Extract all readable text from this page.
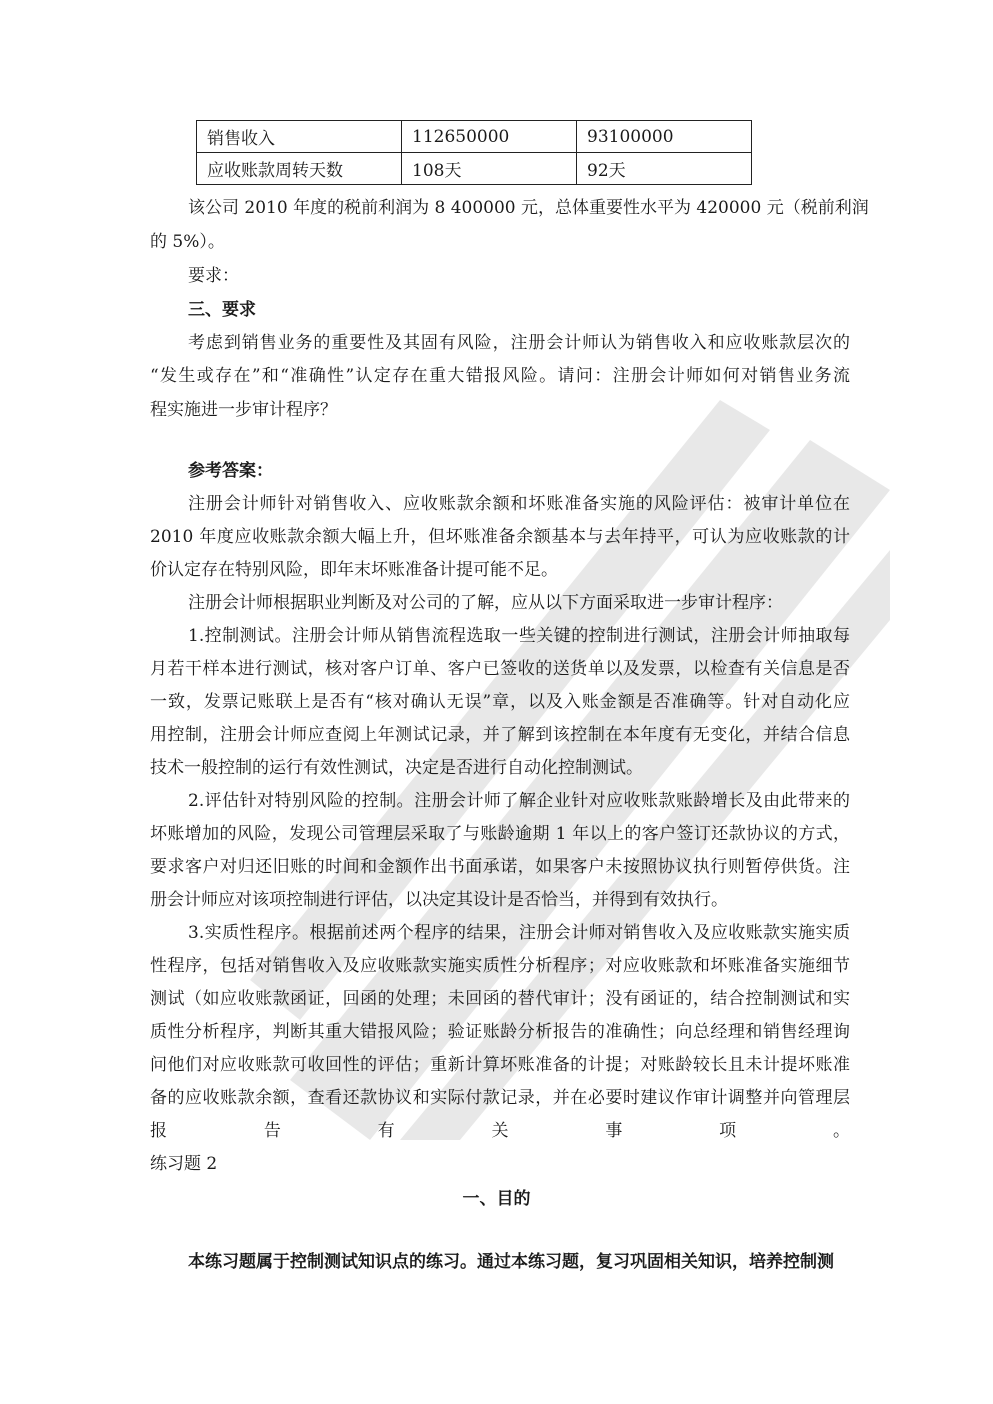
销售收入	112650000	93100000
应收账款周转天数	108天	92天
该公司 2010 年度的税前利润为 8 400000 元，总体重要性水平为 420000 元（税前利润
的 5%）。
要求：
三、要求
考虑到销售业务的重要性及其固有风险，注册会计师认为销售收入和应收账款层次的
“发生或存在”和“准确性”认定存在重大错报风险。请问：注册会计师如何对销售业务流
程实施进一步审计程序？
参考答案：
注册会计师针对销售收入、应收账款余额和坏账准备实施的风险评估：被审计单位在
2010 年度应收账款余额大幅上升，但坏账准备余额基本与去年持平，可认为应收账款的计
价认定存在特别风险，即年末坏账准备计提可能不足。
注册会计师根据职业判断及对公司的了解，应从以下方面采取进一步审计程序：
1.控制测试。注册会计师从销售流程选取一些关键的控制进行测试，注册会计师抽取每
月若干样本进行测试，核对客户订单、客户已签收的送货单以及发票，以检查有关信息是否
一致，发票记账联上是否有“核对确认无误”章，以及入账金额是否准确等。针对自动化应
用控制，注册会计师应查阅上年测试记录，并了解到该控制在本年度有无变化，并结合信息
技术一般控制的运行有效性测试，决定是否进行自动化控制测试。
2.评估针对特别风险的控制。注册会计师了解企业针对应收账款账龄增长及由此带来的
坏账增加的风险，发现公司管理层采取了与账龄逾期 1 年以上的客户签订还款协议的方式，
要求客户对归还旧账的时间和金额作出书面承诺，如果客户未按照协议执行则暂停供货。注
册会计师应对该项控制进行评估，以决定其设计是否恰当，并得到有效执行。
3.实质性程序。根据前述两个程序的结果，注册会计师对销售收入及应收账款实施实质
性程序，包括对销售收入及应收账款实施实质性分析程序；对应收账款和坏账准备实施细节
测试（如应收账款函证，回函的处理；未回函的替代审计；没有函证的，结合控制测试和实
质性分析程序，判断其重大错报风险；验证账龄分析报告的准确性；向总经理和销售经理询
问他们对应收账款可收回性的评估；重新计算坏账准备的计提；对账龄较长且未计提坏账准
备的应收账款余额，查看还款协议和实际付款记录，并在必要时建议作审计调整并向管理层
报告有关事项。
练习题 2
一、目的
本练习题属于控制测试知识点的练习。通过本练习题，复习巩固相关知识，培养控制测
